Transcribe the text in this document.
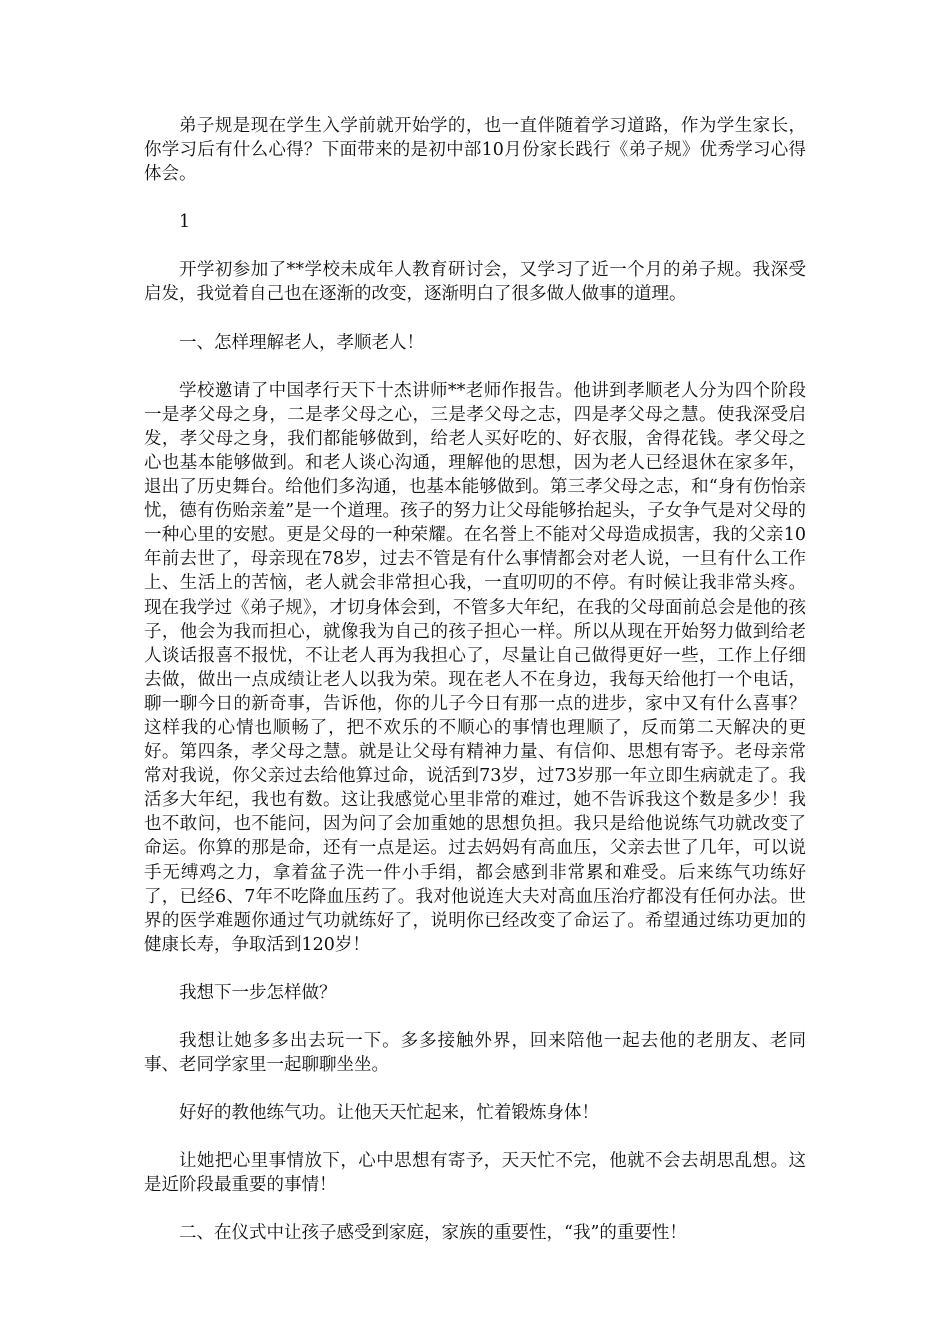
弟子规是现在学生入学前就开始学的，也一直伴随着学习道路，作为学生家长，你学习后有什么心得？下面带来的是初中部10月份家长践行《弟子规》优秀学习心得体会。

1

开学初参加了**学校未成年人教育研讨会，又学习了近一个月的弟子规。我深受启发，我觉着自己也在逐渐的改变，逐渐明白了很多做人做事的道理。

一、怎样理解老人，孝顺老人！

学校邀请了中国孝行天下十杰讲师**老师作报告。他讲到孝顺老人分为四个阶段一是孝父母之身，二是孝父母之心，三是孝父母之志，四是孝父母之慧。使我深受启发，孝父母之身，我们都能够做到，给老人买好吃的、好衣服，舍得花钱。孝父母之心也基本能够做到。和老人谈心沟通，理解他的思想，因为老人已经退休在家多年，退出了历史舞台。给他们多沟通，也基本能够做到。第三孝父母之志，和“身有伤怡亲忧，德有伤贻亲羞”是一个道理。孩子的努力让父母能够抬起头，子女争气是对父母的一种心里的安慰。更是父母的一种荣耀。在名誉上不能对父母造成损害，我的父亲10年前去世了，母亲现在78岁，过去不管是有什么事情都会对老人说，一旦有什么工作上、生活上的苦恼，老人就会非常担心我，一直叨叨的不停。有时候让我非常头疼。现在我学过《弟子规》，才切身体会到，不管多大年纪，在我的父母面前总会是他的孩子，他会为我而担心，就像我为自己的孩子担心一样。所以从现在开始努力做到给老人谈话报喜不报忧，不让老人再为我担心了，尽量让自己做得更好一些，工作上仔细去做，做出一点成绩让老人以我为荣。现在老人不在身边，我每天给他打一个电话，聊一聊今日的新奇事，告诉他，你的儿子今日有那一点的进步，家中又有什么喜事？这样我的心情也顺畅了，把不欢乐的不顺心的事情也理顺了，反而第二天解决的更好。第四条，孝父母之慧。就是让父母有精神力量、有信仰、思想有寄予。老母亲常常对我说，你父亲过去给他算过命，说活到73岁，过73岁那一年立即生病就走了。我活多大年纪，我也有数。这让我感觉心里非常的难过，她不告诉我这个数是多少！我也不敢问，也不能问，因为问了会加重她的思想负担。我只是给他说练气功就改变了命运。你算的那是命，还有一点是运。过去妈妈有高血压，父亲去世了几年，可以说手无缚鸡之力，拿着盆子洗一件小手绢，都会感到非常累和难受。后来练气功练好了，已经6、7年不吃降血压药了。我对他说连大夫对高血压治疗都没有任何办法。世界的医学难题你通过气功就练好了，说明你已经改变了命运了。希望通过练功更加的健康长寿，争取活到120岁！

我想下一步怎样做？

我想让她多多出去玩一下。多多接触外界，回来陪他一起去他的老朋友、老同事、老同学家里一起聊聊坐坐。

好好的教他练气功。让他天天忙起来，忙着锻炼身体！

让她把心里事情放下，心中思想有寄予，天天忙不完，他就不会去胡思乱想。这是近阶段最重要的事情！

二、在仪式中让孩子感受到家庭，家族的重要性，“我”的重要性！
